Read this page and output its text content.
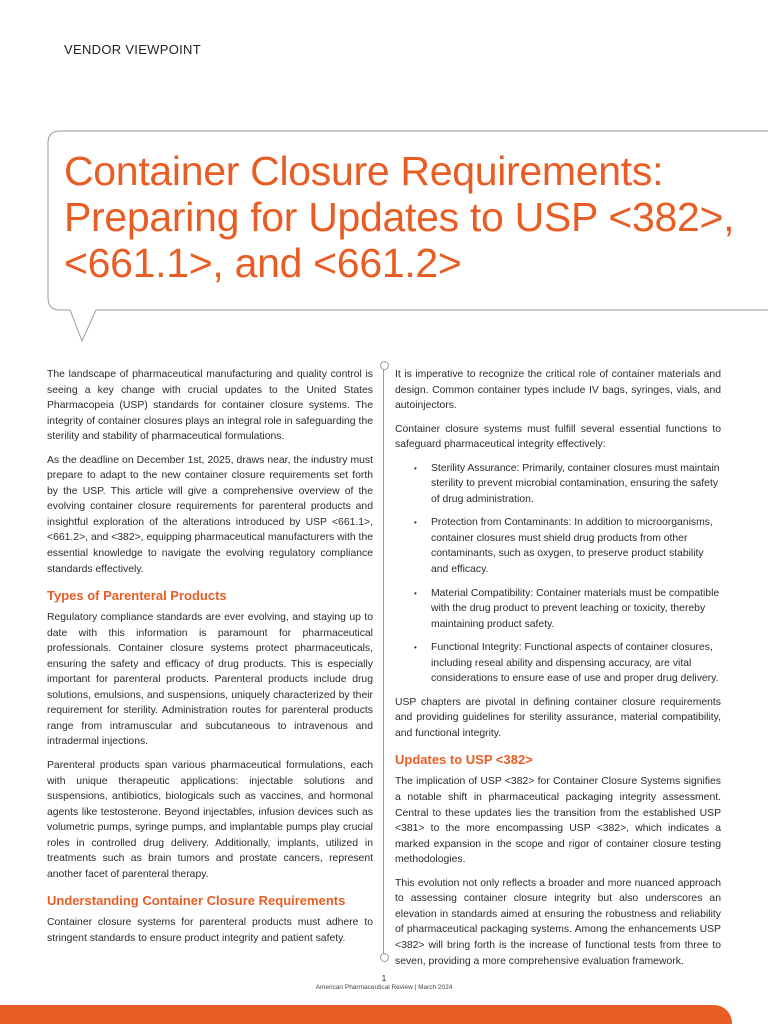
VENDOR VIEWPOINT
Container Closure Requirements: Preparing for Updates to USP <382>, <661.1>, and <661.2>

The landscape of pharmaceutical manufacturing and quality control is seeing a key change with crucial updates to the United States Pharmacopeia (USP) standards for container closure systems. The integrity of container closures plays an integral role in safeguarding the sterility and stability of pharmaceutical formulations.

As the deadline on December 1st, 2025, draws near, the industry must prepare to adapt to the new container closure requirements set forth by the USP. This article will give a comprehensive overview of the evolving container closure requirements for parenteral products and insightful exploration of the alterations introduced by USP <661.1>, <661.2>, and <382>, equipping pharmaceutical manufacturers with the essential knowledge to navigate the evolving regulatory compliance standards effectively.

Types of Parenteral Products

Regulatory compliance standards are ever evolving, and staying up to date with this information is paramount for pharmaceutical professionals. Container closure systems protect pharmaceuticals, ensuring the safety and efficacy of drug products. This is especially important for parenteral products. Parenteral products include drug solutions, emulsions, and suspensions, uniquely characterized by their requirement for sterility. Administration routes for parenteral products range from intramuscular and subcutaneous to intravenous and intradermal injections.

Parenteral products span various pharmaceutical formulations, each with unique therapeutic applications: injectable solutions and suspensions, antibiotics, biologicals such as vaccines, and hormonal agents like testosterone. Beyond injectables, infusion devices such as volumetric pumps, syringe pumps, and implantable pumps play crucial roles in controlled drug delivery. Additionally, implants, utilized in treatments such as brain tumors and prostate cancers, represent another facet of parenteral therapy.

Understanding Container Closure Requirements

Container closure systems for parenteral products must adhere to stringent standards to ensure product integrity and patient safety.

It is imperative to recognize the critical role of container materials and design. Common container types include IV bags, syringes, vials, and autoinjectors.

Container closure systems must fulfill several essential functions to safeguard pharmaceutical integrity effectively:

• Sterility Assurance: Primarily, container closures must maintain sterility to prevent microbial contamination, ensuring the safety of drug administration.
• Protection from Contaminants: In addition to microorganisms, container closures must shield drug products from other contaminants, such as oxygen, to preserve product stability and efficacy.
• Material Compatibility: Container materials must be compatible with the drug product to prevent leaching or toxicity, thereby maintaining product safety.
• Functional Integrity: Functional aspects of container closures, including reseal ability and dispensing accuracy, are vital considerations to ensure ease of use and proper drug delivery.

USP chapters are pivotal in defining container closure requirements and providing guidelines for sterility assurance, material compatibility, and functional integrity.

Updates to USP <382>

The implication of USP <382> for Container Closure Systems signifies a notable shift in pharmaceutical packaging integrity assessment. Central to these updates lies the transition from the established USP <381> to the more encompassing USP <382>, which indicates a marked expansion in the scope and rigor of container closure testing methodologies.

This evolution not only reflects a broader and more nuanced approach to assessing container closure integrity but also underscores an elevation in standards aimed at ensuring the robustness and reliability of pharmaceutical packaging systems. Among the enhancements USP <382> will bring forth is the increase of functional tests from three to seven, providing a more comprehensive evaluation framework.

1
American Pharmaceutical Review | March 2024
